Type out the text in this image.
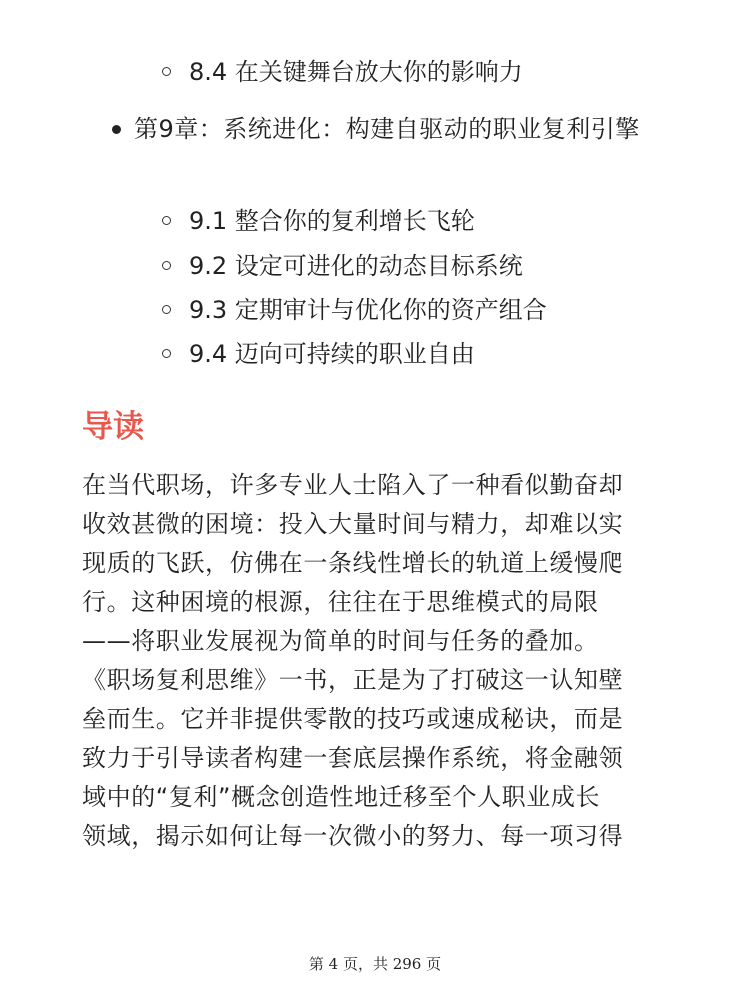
8.4 在关键舞台放大你的影响力
第9章：系统进化：构建自驱动的职业复利引擎
9.1 整合你的复利增长飞轮
9.2 设定可进化的动态目标系统
9.3 定期审计与优化你的资产组合
9.4 迈向可持续的职业自由
导读
在当代职场，许多专业人士陷入了一种看似勤奋却
收效甚微的困境：投入大量时间与精力，却难以实
现质的飞跃，仿佛在一条线性增长的轨道上缓慢爬
行。这种困境的根源，往往在于思维模式的局限
——将职业发展视为简单的时间与任务的叠加。
《职场复利思维》一书，正是为了打破这一认知壁
垒而生。它并非提供零散的技巧或速成秘诀，而是
致力于引导读者构建一套底层操作系统，将金融领
域中的“复利”概念创造性地迁移至个人职业成长
领域，揭示如何让每一次微小的努力、每一项习得
第 4 页，共 296 页
